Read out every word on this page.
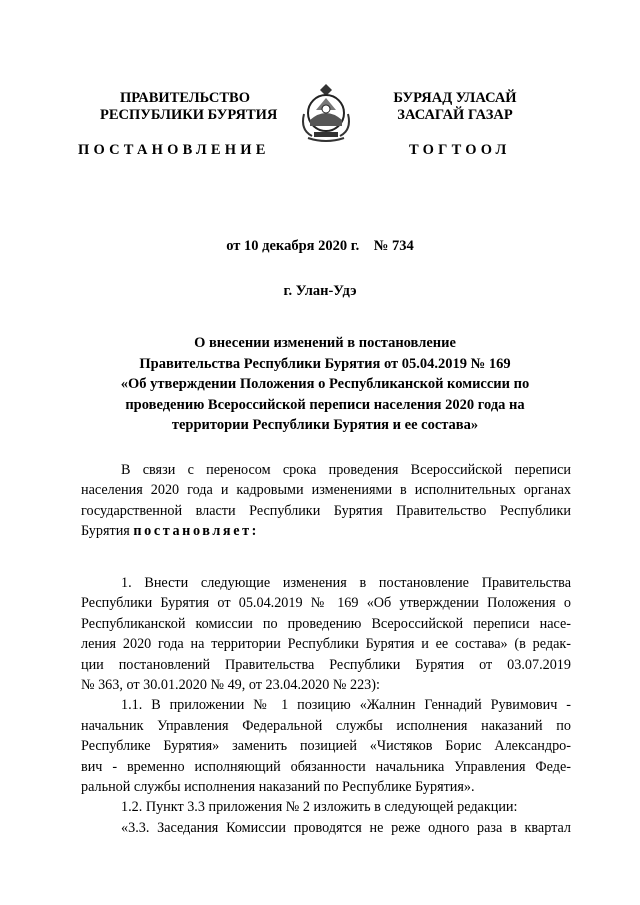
ПРАВИТЕЛЬСТВО
РЕСПУБЛИКИ БУРЯТИЯ
БУРЯАД УЛАСАЙ
ЗАСАГАЙ ГАЗАР
ПОСТАНОВЛЕНИЕ	ТОГТООЛ
от 10 декабря 2020 г.    № 734
г. Улан-Удэ
О внесении изменений в постановление
Правительства Республики Бурятия от 05.04.2019 № 169
«Об утверждении Положения о Республиканской комиссии по
проведению Всероссийской переписи населения 2020 года на
территории Республики Бурятия и ее состава»
В связи с переносом срока проведения Всероссийской переписи
населения 2020 года и кадровыми изменениями в исполнительных органах
государственной власти Республики Бурятия Правительство Республики
Бурятия постановляет:
1. Внести следующие изменения в постановление Правительства
Республики Бурятия от 05.04.2019 № 169 «Об утверждении Положения о
Республиканской комиссии по проведению Всероссийской переписи насе-
ления 2020 года на территории Республики Бурятия и ее состава» (в редак-
ции постановлений Правительства Республики Бурятия от 03.07.2019
№ 363, от 30.01.2020 № 49, от 23.04.2020 № 223):
1.1. В приложении № 1 позицию «Жалнин Геннадий Рувимович -
начальник Управления Федеральной службы исполнения наказаний по
Республике Бурятия» заменить позицией «Чистяков Борис Александро-
вич - временно исполняющий обязанности начальника Управления Феде-
ральной службы исполнения наказаний по Республике Бурятия».
1.2. Пункт 3.3 приложения № 2 изложить в следующей редакции:
«3.3. Заседания Комиссии проводятся не реже одного раза в квартал
